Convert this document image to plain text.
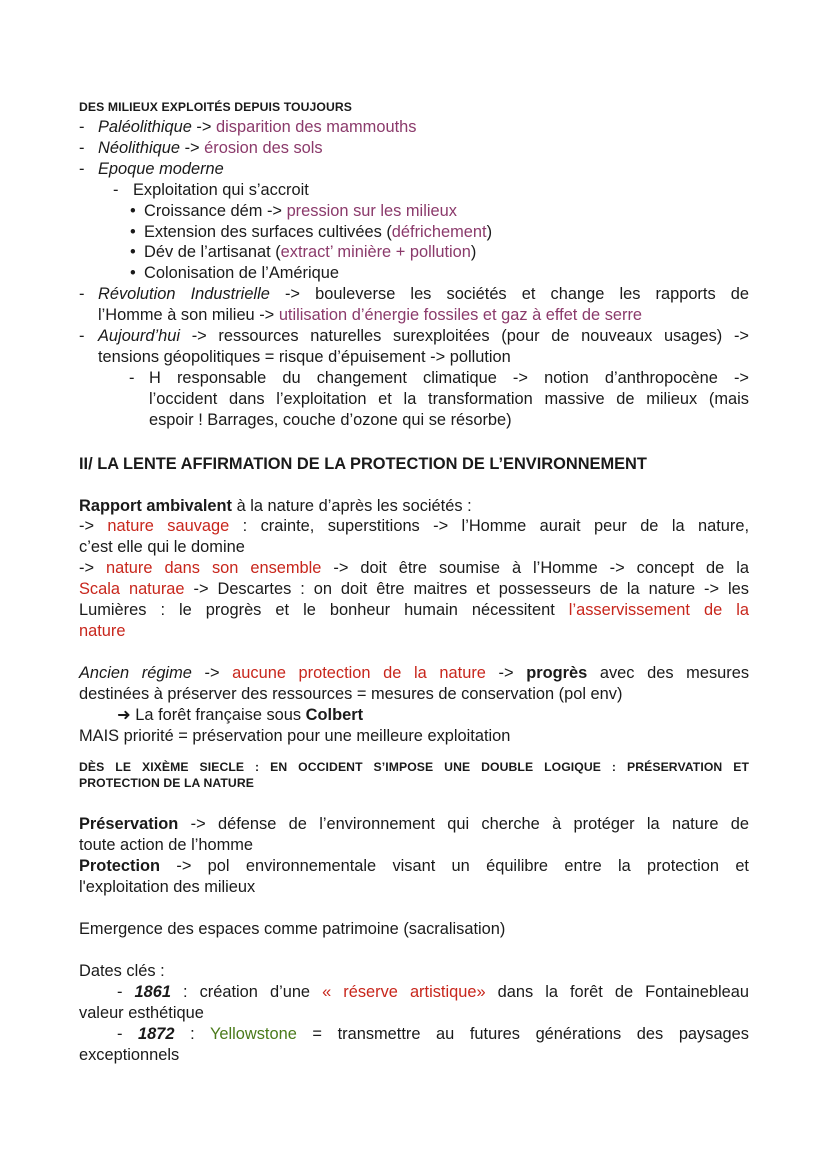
DES MILIEUX EXPLOITÉS DEPUIS TOUJOURS
- Paléolithique -> disparition des mammouths
- Néolithique -> érosion des sols
- Epoque moderne
- Exploitation qui s’accroit
• Croissance dém -> pression sur les milieux
• Extension des surfaces cultivées (défrichement)
• Dév de l’artisanat (extract’ minière + pollution)
• Colonisation de l’Amérique
- Révolution Industrielle -> bouleverse les sociétés et change les rapports de

l’Homme à son milieu -> utilisation d’énergie fossiles et gaz à effet de serre

- Aujourd’hui -> ressources naturelles surexploitées (pour de nouveaux usages) ->

tensions géopolitiques = risque d’épuisement -> pollution

- H responsable du changement climatique -> notion d’anthropocène ->

l’occident dans l’exploitation et la transformation massive de milieux (mais

espoir ! Barrages, couche d’ozone qui se résorbe)

II/ LA LENTE AFFIRMATION DE LA PROTECTION DE L’ENVIRONNEMENT

Rapport ambivalent à la nature d’après les sociétés :

-> nature sauvage : crainte, superstitions -> l’Homme aurait peur de la nature,

c’est elle qui le domine

-> nature dans son ensemble -> doit être soumise à l’Homme -> concept de la

Scala naturae -> Descartes : on doit être maitres et possesseurs de la nature -> les

Lumières : le progrès et le bonheur humain nécessitent l’asservissement de la

nature

Ancien régime -> aucune protection de la nature -> progrès avec des mesures

destinées à préserver des ressources = mesures de conservation (pol env)

➜ La forêt française sous Colbert

MAIS priorité = préservation pour une meilleure exploitation

DÈS LE XIXÈME SIECLE : EN OCCIDENT S’IMPOSE UNE DOUBLE LOGIQUE : PRÉSERVATION ET
PROTECTION DE LA NATURE

Préservation -> défense de l’environnement qui cherche à protéger la nature de

toute action de l’homme

Protection -> pol environnementale visant un équilibre entre la protection et

l'exploitation des milieux

Emergence des espaces comme patrimoine (sacralisation)

Dates clés :

- 1861 : création d’une « réserve artistique» dans la forêt de Fontainebleau

valeur esthétique

- 1872 : Yellowstone = transmettre au futures générations des paysages

exceptionnels
